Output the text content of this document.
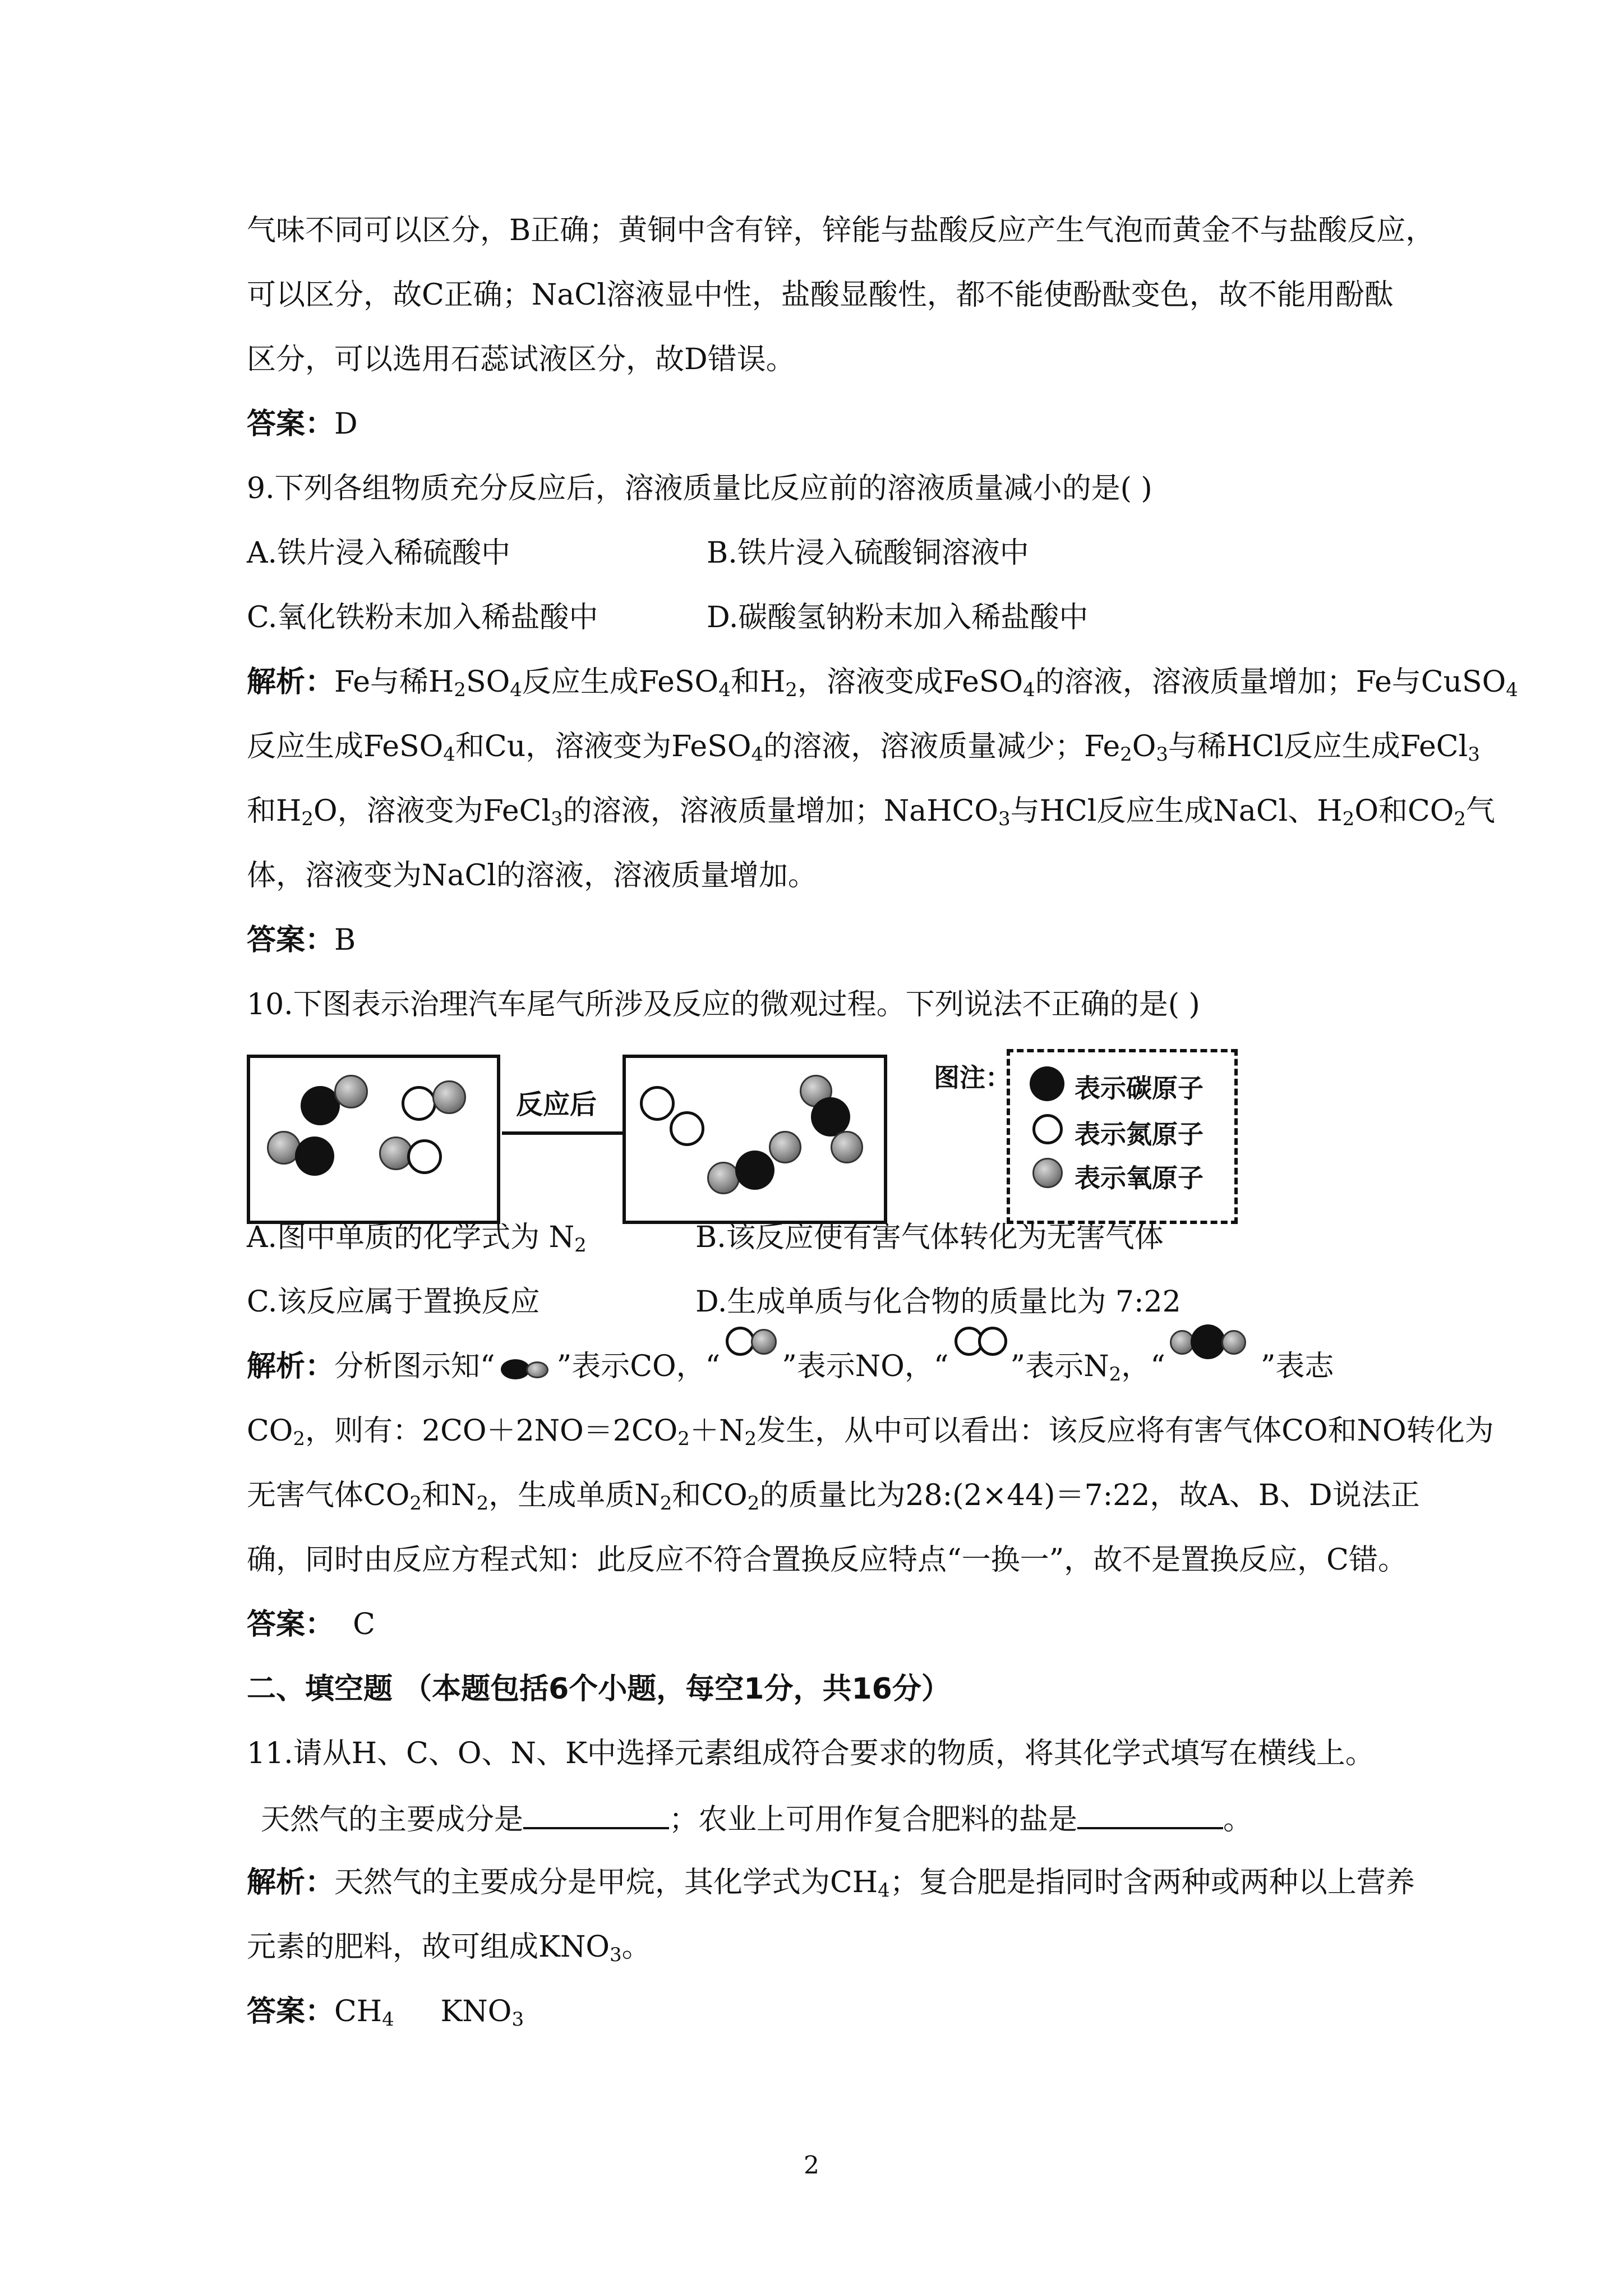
气味不同可以区分，B正确；黄铜中含有锌，锌能与盐酸反应产生气泡而黄金不与盐酸反应，
可以区分，故C正确；NaCl溶液显中性，盐酸显酸性，都不能使酚酞变色，故不能用酚酞
区分，可以选用石蕊试液区分，故D错误。
答案：D
9.下列各组物质充分反应后，溶液质量比反应前的溶液质量减小的是( )
A.铁片浸入稀硫酸中	B.铁片浸入硫酸铜溶液中
C.氧化铁粉末加入稀盐酸中	D.碳酸氢钠粉末加入稀盐酸中
解析：Fe与稀$H_2SO_4$反应生成FeSO$_4$和$H_2$，溶液变成FeSO$_4$的溶液，溶液质量增加；Fe与CuSO$_4$
反应生成FeSO$_4$和Cu，溶液变为FeSO$_4$的溶液，溶液质量减少；$Fe_2O_3$与稀HCl反应生成FeCl$_3$
和$H_2O$，溶液变为FeCl$_3$的溶液，溶液质量增加；NaHCO$_3$与HCl反应生成NaCl、$H_2O$和$CO_2$气
体，溶液变为NaCl的溶液，溶液质量增加。
答案：B
10.下图表示治理汽车尾气所涉及反应的微观过程。下列说法不正确的是( )
反应后
图注： 表示碳原子
表示氮原子
表示氧原子
A.图中单质的化学式为 $N_2$	B.该反应使有害气体转化为无害气体
C.该反应属于置换反应	D.生成单质与化合物的质量比为 7:22
解析：分析图示知“ ”表示CO，“ ”表示NO，“ ”表示$N_2$，“	”表志
$CO_2$，则有：$2CO+2NO=2CO_2+N_2$发生，从中可以看出：该反应将有害气体CO和NO转化为
无害气体$CO_2$和$N_2$，生成单质$N_2$和$CO_2$的质量比为28:(2×44)＝7:22，故A、B、D说法正
确，同时由反应方程式知：此反应不符合置换反应特点“一换一”，故不是置换反应，C错。
答案： C
二、填空题 （本题包括6个小题，每空1分，共16分）
11.请从H、C、O、N、K中选择元素组成符合要求的物质，将其化学式填写在横线上。
天然气的主要成分是	；农业上可用作复合肥料的盐是	。
解析：天然气的主要成分是甲烷，其化学式为$CH_4$；复合肥是指同时含两种或两种以上营养
元素的肥料，故可组成$KNO_3$。
答案：$CH_4$ $KNO_3$
2
